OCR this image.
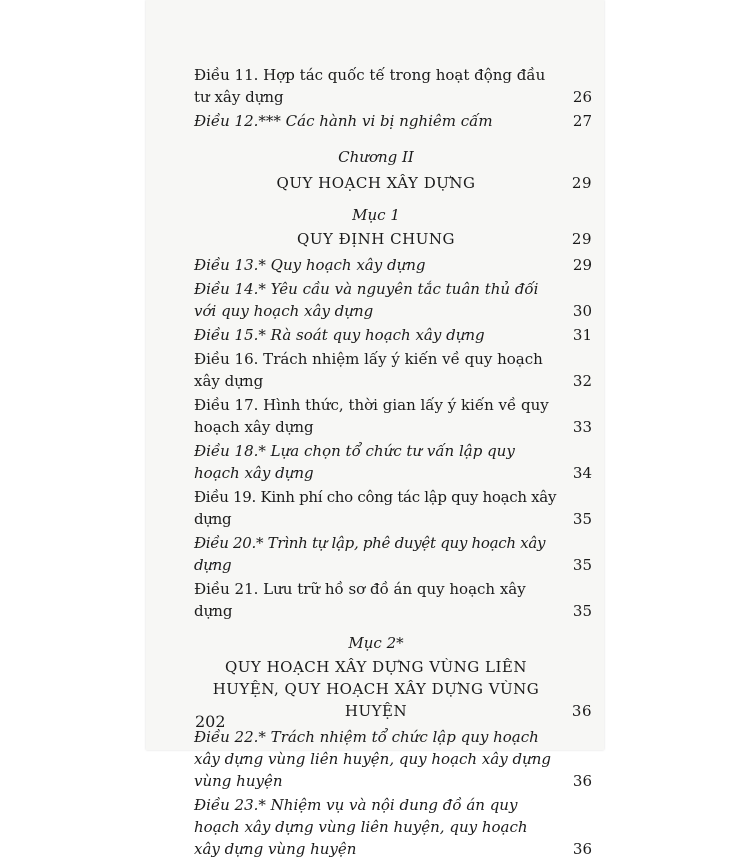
Điều 11. Hợp tác quốc tế trong hoạt động đầu tư xây dựng	26
Điều 12.*** Các hành vi bị nghiêm cấm	27
Chương II
QUY HOẠCH XÂY DỰNG	29
Mục 1
QUY ĐỊNH CHUNG	29
Điều 13.* Quy hoạch xây dựng	29
Điều 14.* Yêu cầu và nguyên tắc tuân thủ đối với quy hoạch xây dựng	30
Điều 15.* Rà soát quy hoạch xây dựng	31
Điều 16. Trách nhiệm lấy ý kiến về quy hoạch xây dựng	32
Điều 17. Hình thức, thời gian lấy ý kiến về quy hoạch xây dựng	33
Điều 18.* Lựa chọn tổ chức tư vấn lập quy hoạch xây dựng	34
Điều 19. Kinh phí cho công tác lập quy hoạch xây dựng	35
Điều 20.* Trình tự lập, phê duyệt quy hoạch xây dựng	35
Điều 21. Lưu trữ hồ sơ đồ án quy hoạch xây dựng	35
Mục 2*
QUY HOẠCH XÂY DỰNG VÙNG LIÊN HUYỆN, QUY HOẠCH XÂY DỰNG VÙNG HUYỆN	36
Điều 22.* Trách nhiệm tổ chức lập quy hoạch xây dựng vùng liên huyện, quy hoạch xây dựng vùng huyện	36
Điều 23.* Nhiệm vụ và nội dung đồ án quy hoạch xây dựng vùng liên huyện, quy hoạch xây dựng vùng huyện	36
202
